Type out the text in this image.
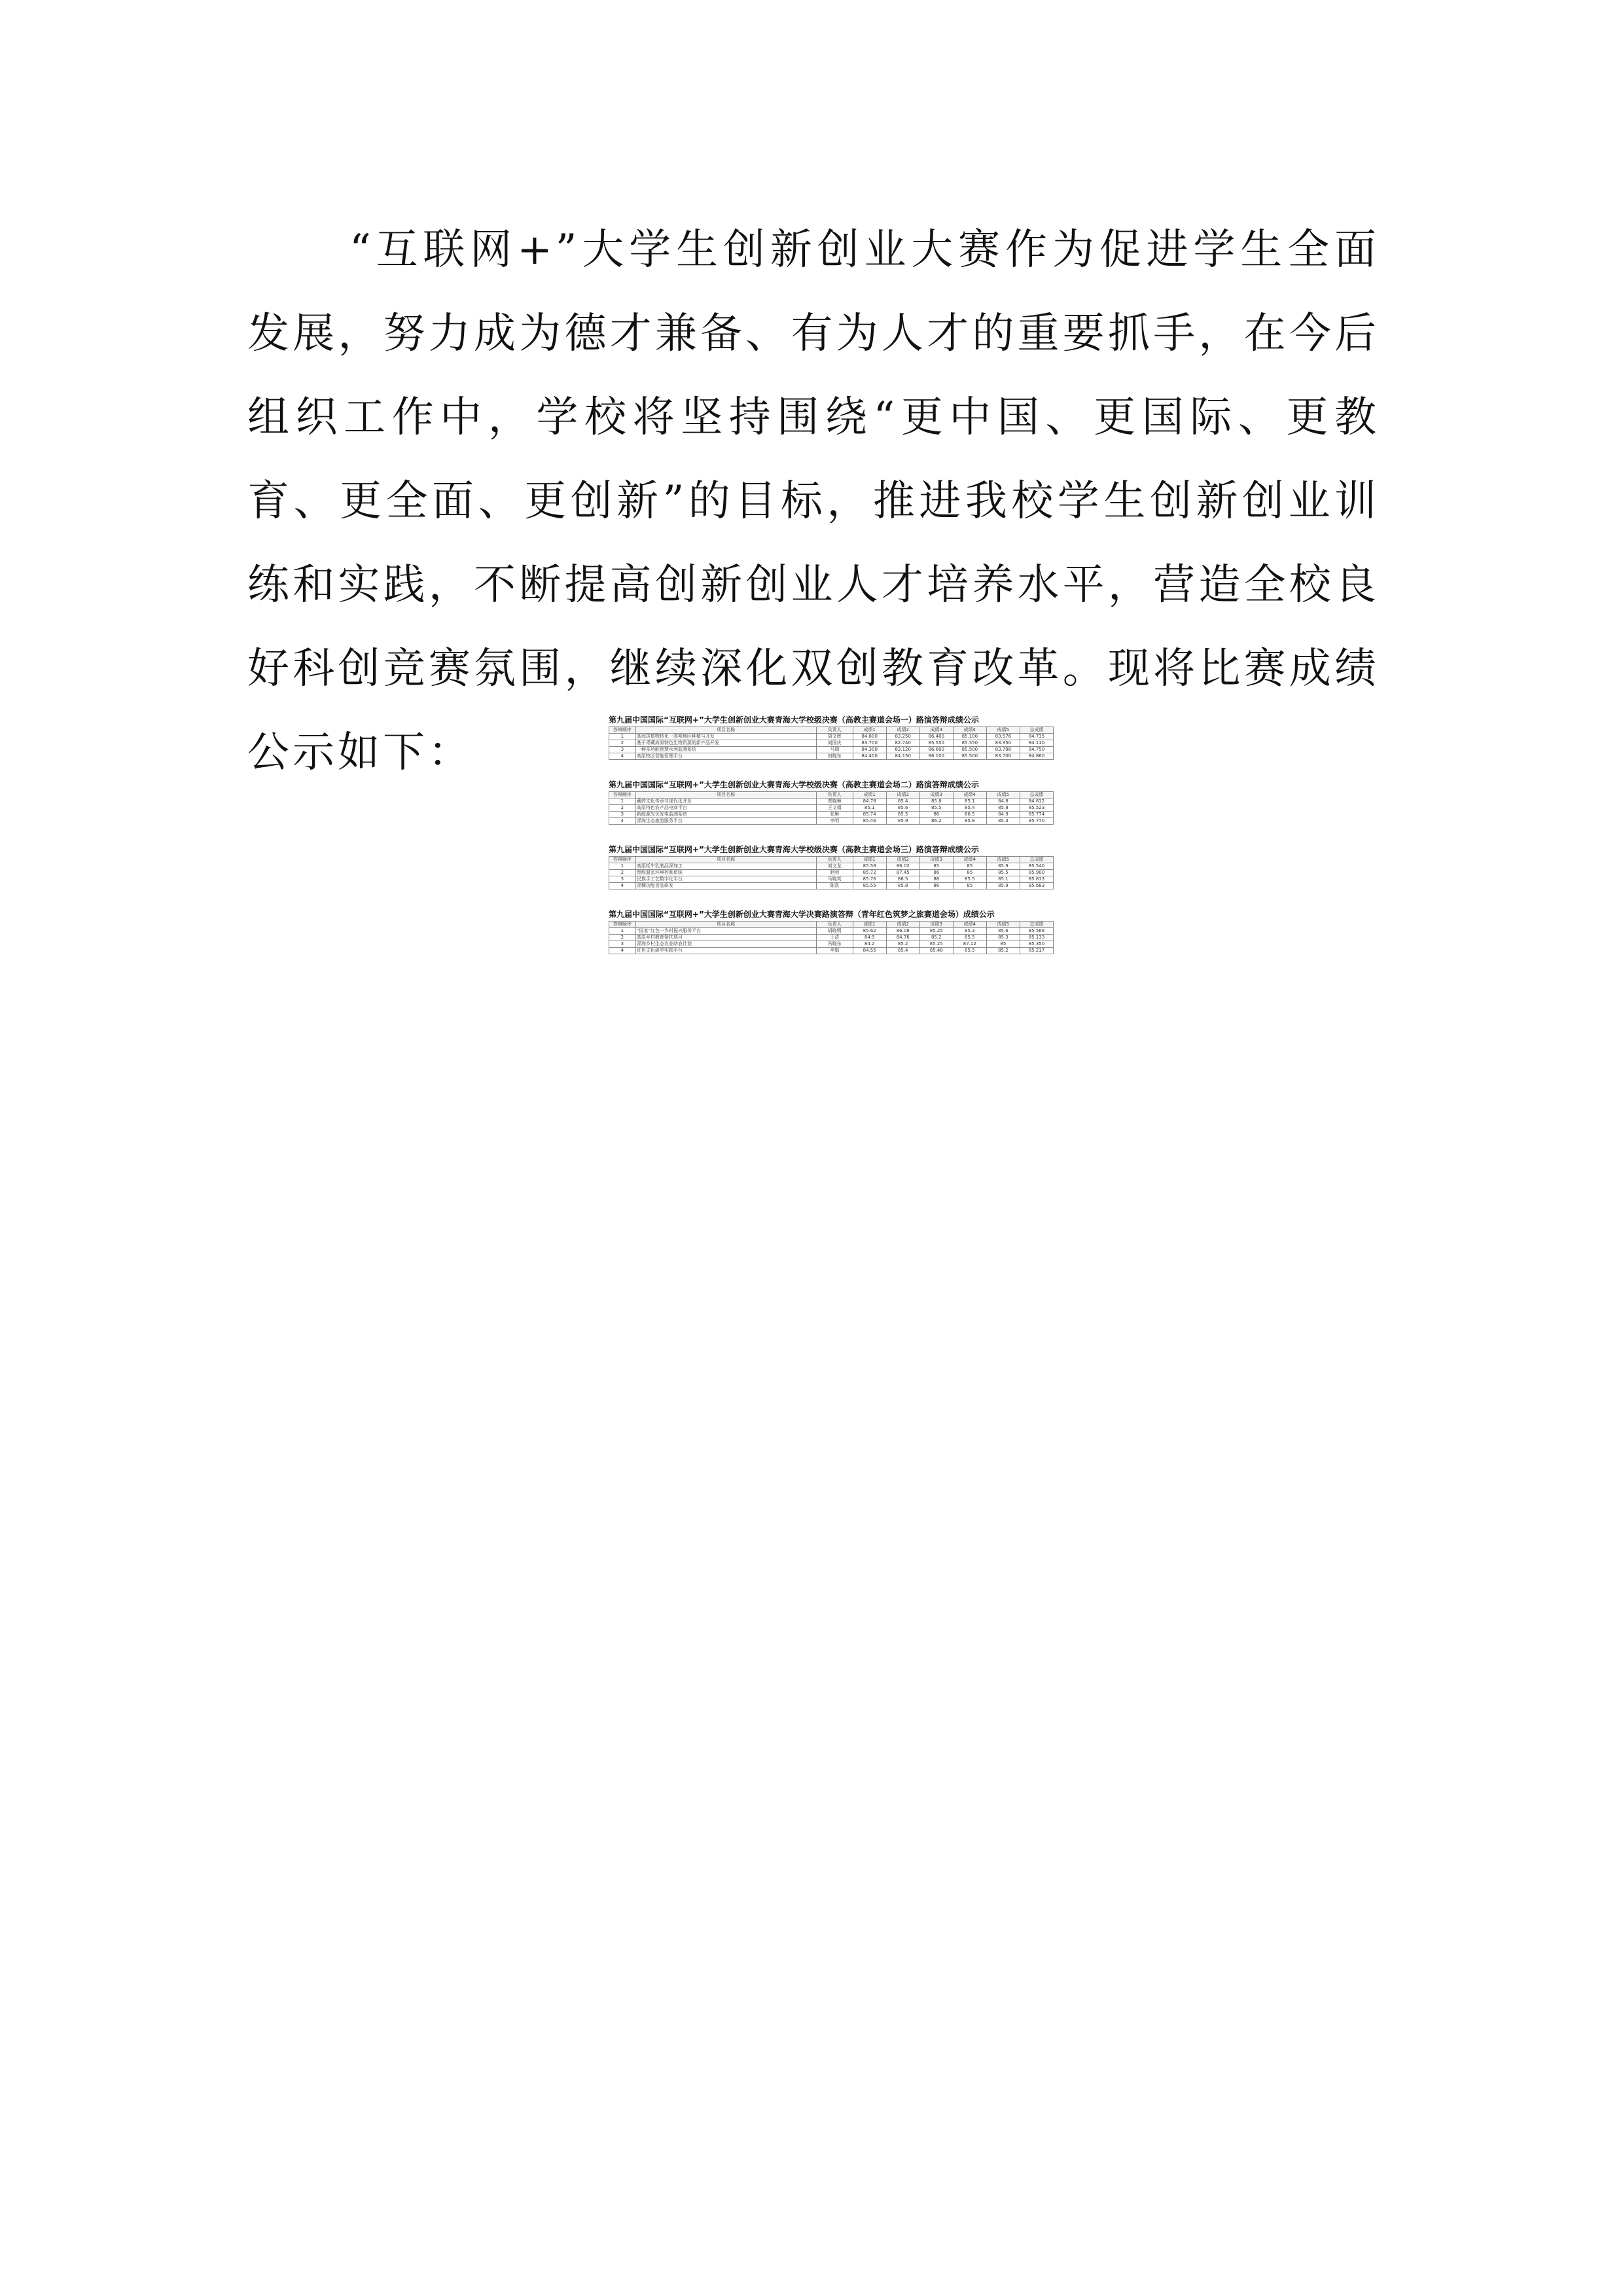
“互联网+”大学生创新创业大赛作为促进学生全面发展，努力成为德才兼备、有为人才的重要抓手，在今后组织工作中，学校将坚持围绕“更中国、更国际、更教育、更全面、更创新”的目标，推进我校学生创新创业训练和实践，不断提高创新创业人才培养水平，营造全校良好科创竞赛氛围，继续深化双创教育改革。现将比赛成绩公示如下：

第九届中国国际“互联网+”大学生创新创业大赛青海大学校级决赛（高教主赛道会场一）路演答辩成绩公示
答辩顺序	项目名称	负责人	成绩1	成绩2	成绩3	成绩4	成绩5	总成绩
1	高海拔植物转化一高寒地区种植与开发	周文辉	84.800	83.250	86.400	85.100	83.576	84.735
2	基于青藏高原特色生物资源的新产品开发	刘国庆	83.700	82.740	85.550	85.550	83.350	84.110
3	一种多功能智慧水利监测系统	马瑞	84.300	83.120	86.600	85.500	83.798	84.750
4	高原牧区智能管理平台	何晓东	84.400	84.150	86.100	85.500	83.700	84.860
第九届中国国际“互联网+”大学生创新创业大赛青海大学校级决赛（高教主赛道会场二）路演答辩成绩公示
答辩顺序	项目名称	负责人	成绩1	成绩2	成绩3	成绩4	成绩5	总成绩
1	藏药文化传承与现代化开发	贾晓琳	84.78	85.4	85.8	85.1	84.8	84.812
2	高原特色农产品电商平台	王文娟	85.1	85.6	85.5	85.4	85.8	85.523
3	新能源光伏发电监测系统	张琳	85.74	85.5	86	86.5	84.9	85.774
4	青海生态旅游服务平台	李明	85.46	85.9	86.2	85.8	85.3	85.770
第九届中国国际“互联网+”大学生创新创业大赛青海大学校级决赛（高教主赛道会场三）路演答辩成绩公示
答辩顺序	项目名称	负责人	成绩1	成绩2	成绩3	成绩4	成绩5	总成绩
1	高原牦牛乳制品深加工	刘文龙	85.58	86.02	85	85	85.9	85.540
2	智能温室环境控制系统	赵明	85.72	87.45	86	85	85.5	85.900
3	民族手工艺数字化平台	马晓英	85.76	86.5	86	85.5	85.1	85.813
4	青稞功能食品研发	陈凯	85.55	85.8	86	85	85.9	85.683
第九届中国国际“互联网+”大学生创新创业大赛青海大学决赛路演答辩（青年红色筑梦之旅赛道会场）成绩公示
答辩顺序	项目名称	负责人	成绩1	成绩2	成绩3	成绩4	成绩5	总成绩
1	“国家”红色一乡村振兴服务平台	胡晓明	85.62	86.08	85.25	85.3	85.6	85.568
2	高原乡村教育帮扶项目	王洁	84.9	84.76	85.2	85.5	85.3	85.133
3	青海乡村生态农业助农计划	冯晓东	84.2	85.2	85.25	87.12	85	85.350
4	红色文化研学实践平台	李娟	84.55	85.4	85.48	85.5	85.2	85.217
